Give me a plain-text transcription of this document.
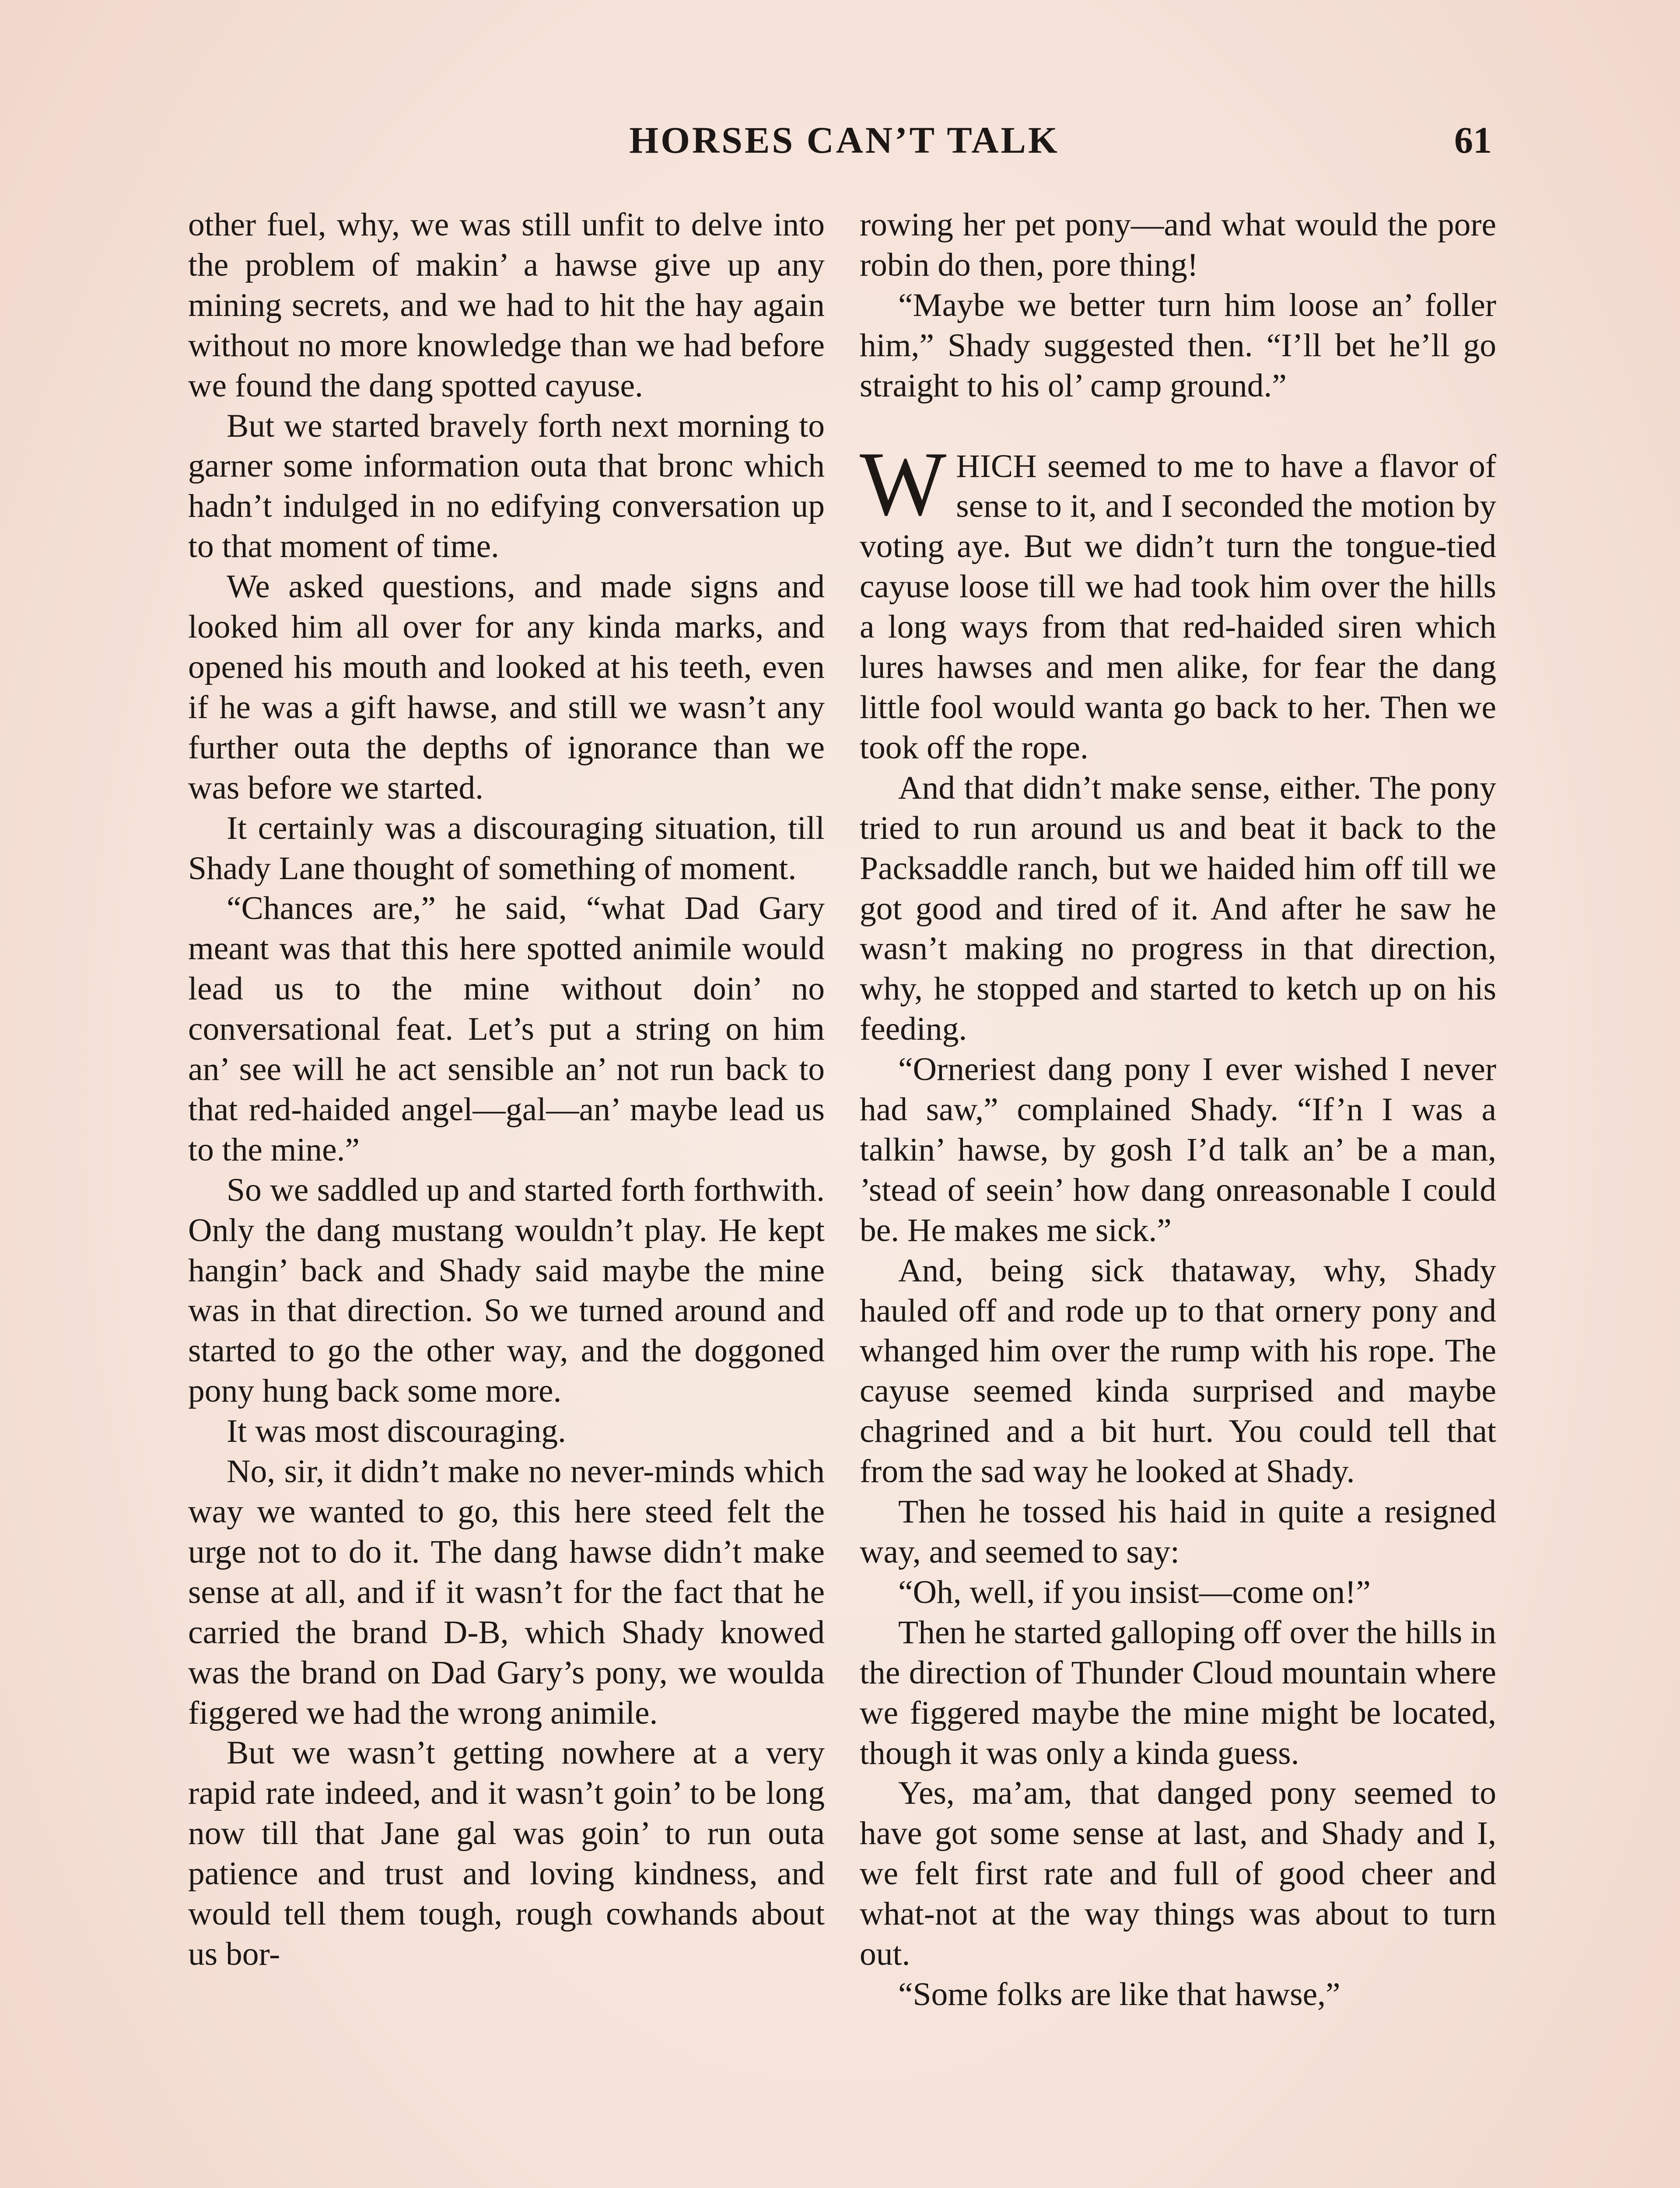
HORSES CAN’T TALK	61

other fuel, why, we was still unfit to delve into the problem of makin’ a hawse give up any mining secrets, and we had to hit the hay again without no more knowledge than we had before we found the dang spotted cayuse.

But we started bravely forth next morning to garner some information outa that bronc which hadn’t indulged in no edifying conversation up to that moment of time.

We asked questions, and made signs and looked him all over for any kinda marks, and opened his mouth and looked at his teeth, even if he was a gift hawse, and still we wasn’t any further outa the depths of ignorance than we was before we started.

It certainly was a discouraging situation, till Shady Lane thought of something of moment.

“Chances are,” he said, “what Dad Gary meant was that this here spotted animile would lead us to the mine without doin’ no conversational feat. Let’s put a string on him an’ see will he act sensible an’ not run back to that red-haided angel—gal—an’ maybe lead us to the mine.”

So we saddled up and started forth forthwith. Only the dang mustang wouldn’t play. He kept hangin’ back and Shady said maybe the mine was in that direction. So we turned around and started to go the other way, and the doggoned pony hung back some more.

It was most discouraging.

No, sir, it didn’t make no never-minds which way we wanted to go, this here steed felt the urge not to do it. The dang hawse didn’t make sense at all, and if it wasn’t for the fact that he carried the brand D-B, which Shady knowed was the brand on Dad Gary’s pony, we woulda figgered we had the wrong animile.

But we wasn’t getting nowhere at a very rapid rate indeed, and it wasn’t goin’ to be long now till that Jane gal was goin’ to run outa patience and trust and loving kindness, and would tell them tough, rough cowhands about us bor-

rowing her pet pony—and what would the pore robin do then, pore thing!

“Maybe we better turn him loose an’ foller him,” Shady suggested then. “I’ll bet he’ll go straight to his ol’ camp ground.”

WHICH seemed to me to have a flavor of sense to it, and I seconded the motion by voting aye. But we didn’t turn the tongue-tied cayuse loose till we had took him over the hills a long ways from that red-haided siren which lures hawses and men alike, for fear the dang little fool would wanta go back to her. Then we took off the rope.

And that didn’t make sense, either. The pony tried to run around us and beat it back to the Packsaddle ranch, but we haided him off till we got good and tired of it. And after he saw he wasn’t making no progress in that direction, why, he stopped and started to ketch up on his feeding.

“Orneriest dang pony I ever wished I never had saw,” complained Shady. “If’n I was a talkin’ hawse, by gosh I’d talk an’ be a man, ’stead of seein’ how dang onreasonable I could be. He makes me sick.”

And, being sick thataway, why, Shady hauled off and rode up to that ornery pony and whanged him over the rump with his rope. The cayuse seemed kinda surprised and maybe chagrined and a bit hurt. You could tell that from the sad way he looked at Shady.

Then he tossed his haid in quite a resigned way, and seemed to say:

“Oh, well, if you insist—come on!”

Then he started galloping off over the hills in the direction of Thunder Cloud mountain where we figgered maybe the mine might be located, though it was only a kinda guess.

Yes, ma’am, that danged pony seemed to have got some sense at last, and Shady and I, we felt first rate and full of good cheer and what-not at the way things was about to turn out.

“Some folks are like that hawse,”
